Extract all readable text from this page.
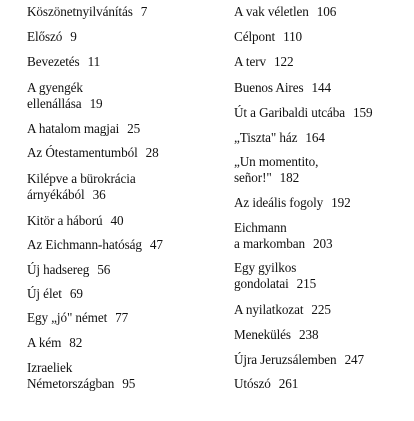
Köszönetnyilvánítás 7
Előszó 9
Bevezetés 11
A gyengék
ellenállása 19
A hatalom magjai 25
Az Ótestamentumból 28
Kilépve a bürokrácia
árnyékából 36
Kitör a háború 40
Az Eichmann-hatóság 47
Új hadsereg 56
Új élet 69
Egy „jó" német 77
A kém 82
Izraeliek
Németországban 95
A vak véletlen 106
Célpont 110
A terv 122
Buenos Aires 144
Út a Garibaldi utcába 159
„Tiszta" ház 164
„Un momentito,
señor!" 182
Az ideális fogoly 192
Eichmann
a markomban 203
Egy gyilkos
gondolatai 215
A nyilatkozat 225
Menekülés 238
Újra Jeruzsálemben 247
Utószó 261
